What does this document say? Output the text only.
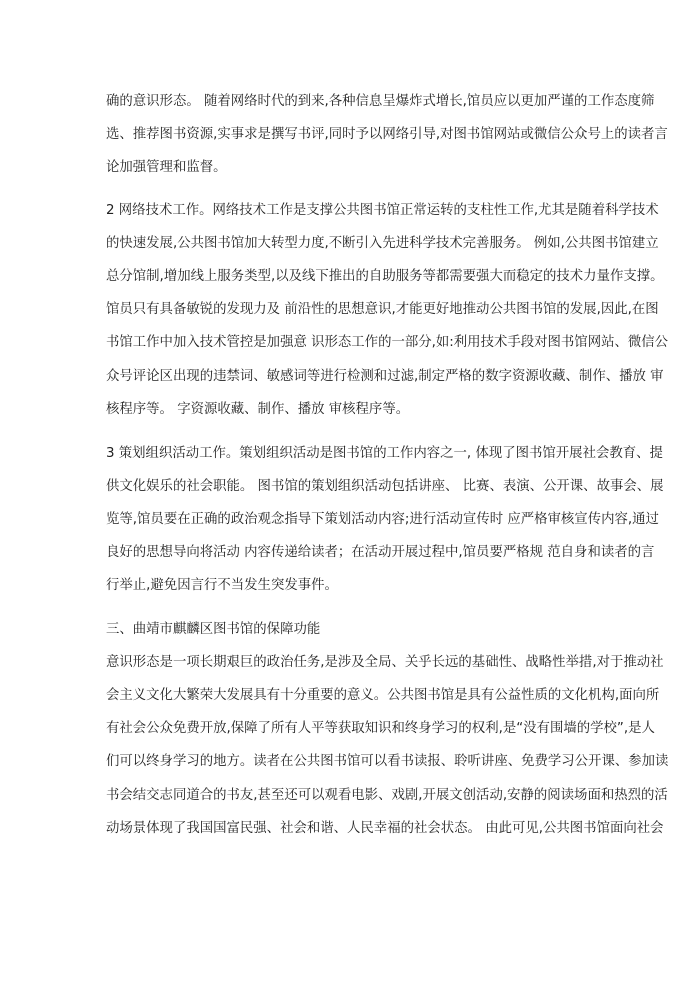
确的意识形态。 随着网络时代的到来,各种信息呈爆炸式增长,馆员应以更加严谨的工作态度筛
选、推荐图书资源,实事求是撰写书评,同时予以网络引导,对图书馆网站或微信公众号上的读者言
论加强管理和监督。
2 网络技术工作。网络技术工作是支撑公共图书馆正常运转的支柱性工作,尤其是随着科学技术
的快速发展,公共图书馆加大转型力度,不断引入先进科学技术完善服务。 例如,公共图书馆建立
总分馆制,增加线上服务类型,以及线下推出的自助服务等都需要强大而稳定的技术力量作支撑。
馆员只有具备敏锐的发现力及 前沿性的思想意识,才能更好地推动公共图书馆的发展,因此,在图
书馆工作中加入技术管控是加强意 识形态工作的一部分,如:利用技术手段对图书馆网站、微信公
众号评论区出现的违禁词、敏感词等进行检测和过滤,制定严格的数字资源收藏、制作、播放 审
核程序等。 字资源收藏、制作、播放 审核程序等。
3 策划组织活动工作。策划组织活动是图书馆的工作内容之一, 体现了图书馆开展社会教育、提
供文化娱乐的社会职能。 图书馆的策划组织活动包括讲座、 比赛、表演、公开课、故事会、展
览等,馆员要在正确的政治观念指导下策划活动内容;进行活动宣传时 应严格审核宣传内容,通过
良好的思想导向将活动 内容传递给读者；在活动开展过程中,馆员要严格规 范自身和读者的言
行举止,避免因言行不当发生突发事件。
三、曲靖市麒麟区图书馆的保障功能
意识形态是一项长期艰巨的政治任务,是涉及全局、关乎长远的基础性、战略性举措,对于推动社
会主义文化大繁荣大发展具有十分重要的意义。公共图书馆是具有公益性质的文化机构,面向所
有社会公众免费开放,保障了所有人平等获取知识和终身学习的权利,是“没有围墙的学校”,是人
们可以终身学习的地方。读者在公共图书馆可以看书读报、聆听讲座、免费学习公开课、参加读
书会结交志同道合的书友,甚至还可以观看电影、戏剧,开展文创活动,安静的阅读场面和热烈的活
动场景体现了我国国富民强、社会和谐、人民幸福的社会状态。 由此可见,公共图书馆面向社会
